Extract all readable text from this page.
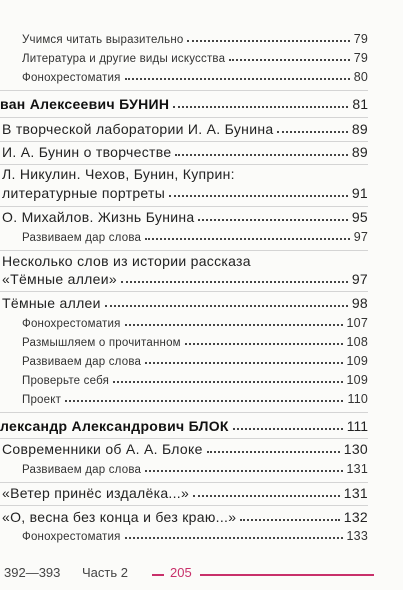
Учимся читать выразительно	79
Литература и другие виды искусства	79
Фонохрестоматия	80
ван Алексеевич БУНИН	81
В творческой лаборатории И. А. Бунина	89
И. А. Бунин о творчестве	89
Л. Никулин. Чехов, Бунин, Куприн:
литературные портреты	91
О. Михайлов. Жизнь Бунина	95
Развиваем дар слова	97
Несколько слов из истории рассказа
«Тёмные аллеи»	97
Тёмные аллеи	98
Фонохрестоматия	107
Размышляем о прочитанном	108
Развиваем дар слова	109
Проверьте себя	109
Проект	110
лександр Александрович БЛОК	111
Современники об А. А. Блоке	130
Развиваем дар слова	131
«Ветер принёс издалёка...»	131
«О, весна без конца и без краю...»	132
Фонохрестоматия	133
392—393 Часть 2	205
